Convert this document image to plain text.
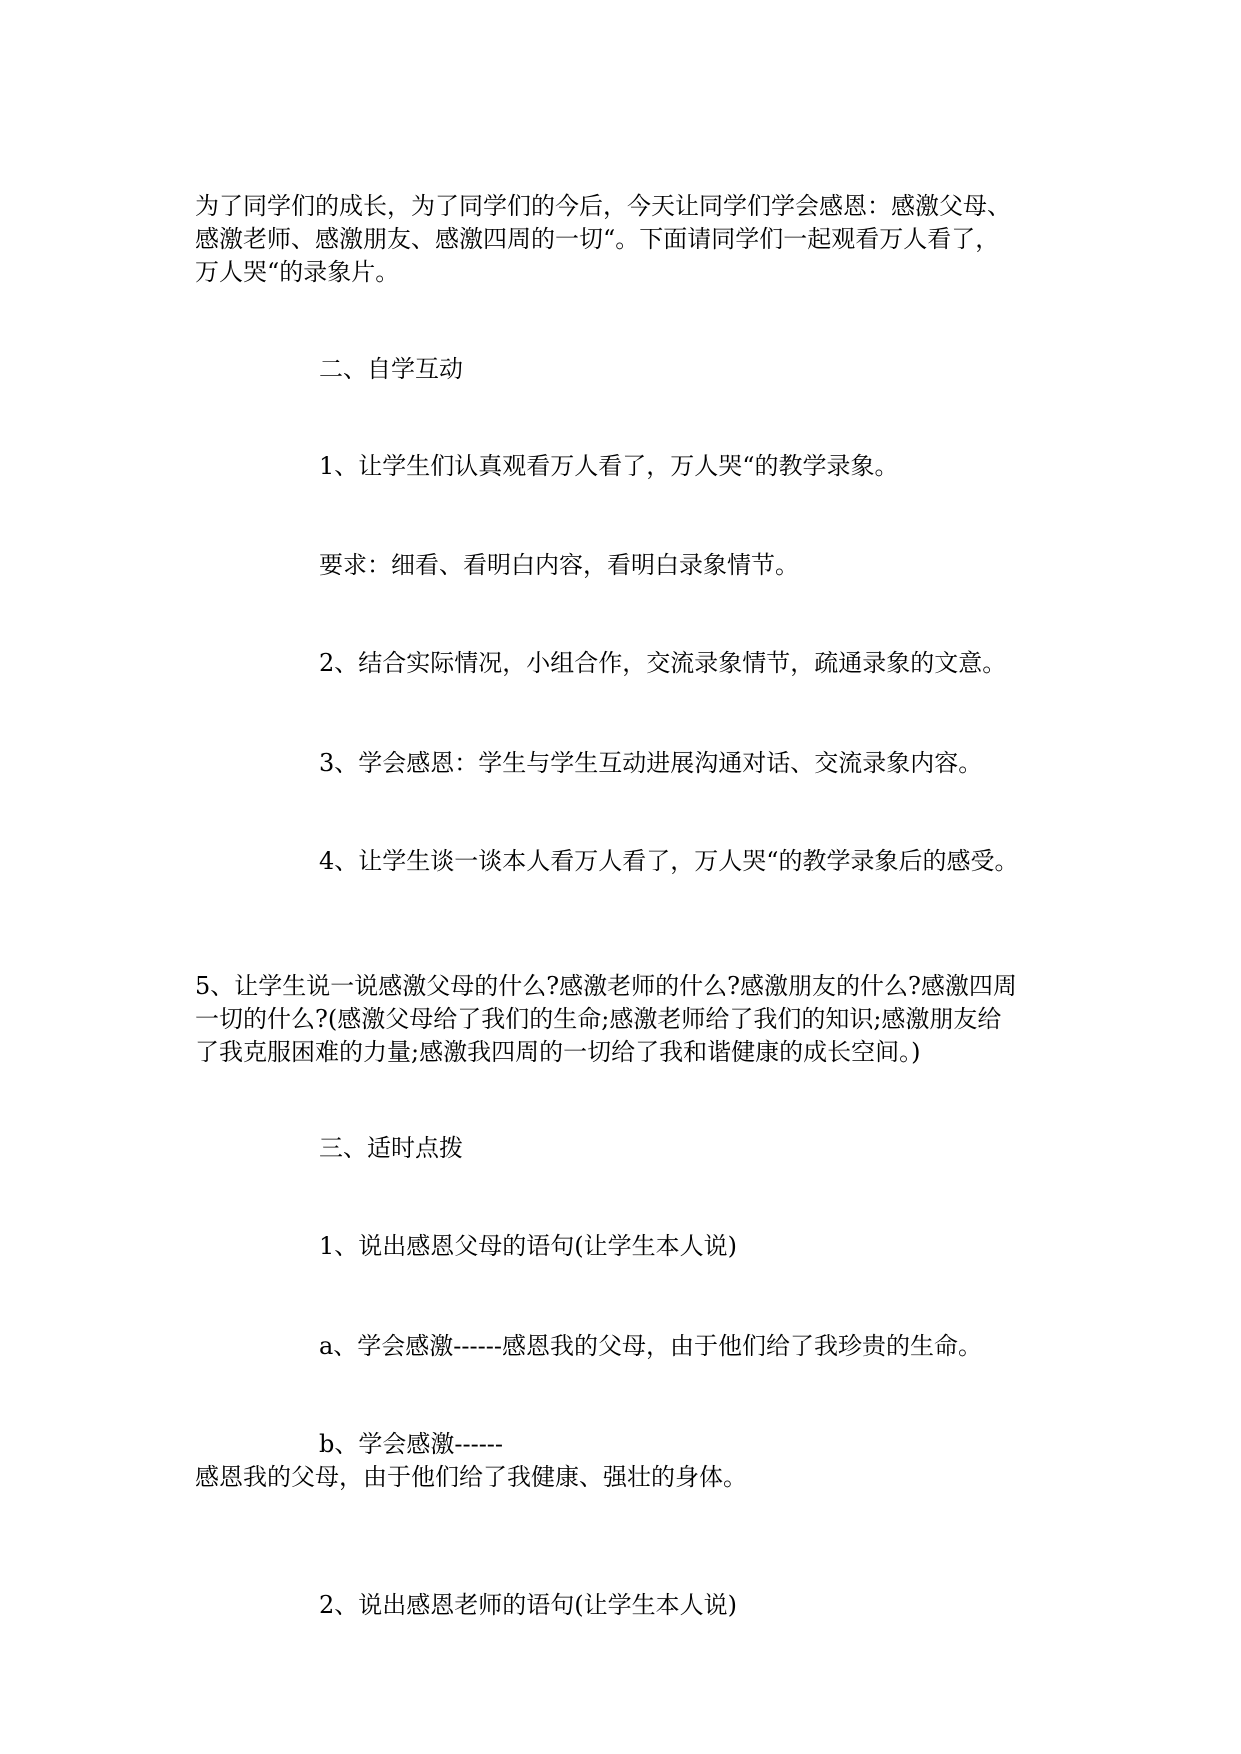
为了同学们的成长，为了同学们的今后，今天让同学们学会感恩：感激父母、
感激老师、感激朋友、感激四周的一切“。下面请同学们一起观看万人看了，
万人哭“的录象片。
二、自学互动
1、让学生们认真观看万人看了，万人哭“的教学录象。
要求：细看、看明白内容，看明白录象情节。
2、结合实际情况，小组合作，交流录象情节，疏通录象的文意。
3、学会感恩：学生与学生互动进展沟通对话、交流录象内容。
4、让学生谈一谈本人看万人看了，万人哭“的教学录象后的感受。
5、让学生说一说感激父母的什么?感激老师的什么?感激朋友的什么?感激四周
一切的什么?(感激父母给了我们的生命;感激老师给了我们的知识;感激朋友给
了我克服困难的力量;感激我四周的一切给了我和谐健康的成长空间。)
三、适时点拨
1、说出感恩父母的语句(让学生本人说)
a、学会感激------感恩我的父母，由于他们给了我珍贵的生命。
b、学会感激------
感恩我的父母，由于他们给了我健康、强壮的身体。
2、说出感恩老师的语句(让学生本人说)
